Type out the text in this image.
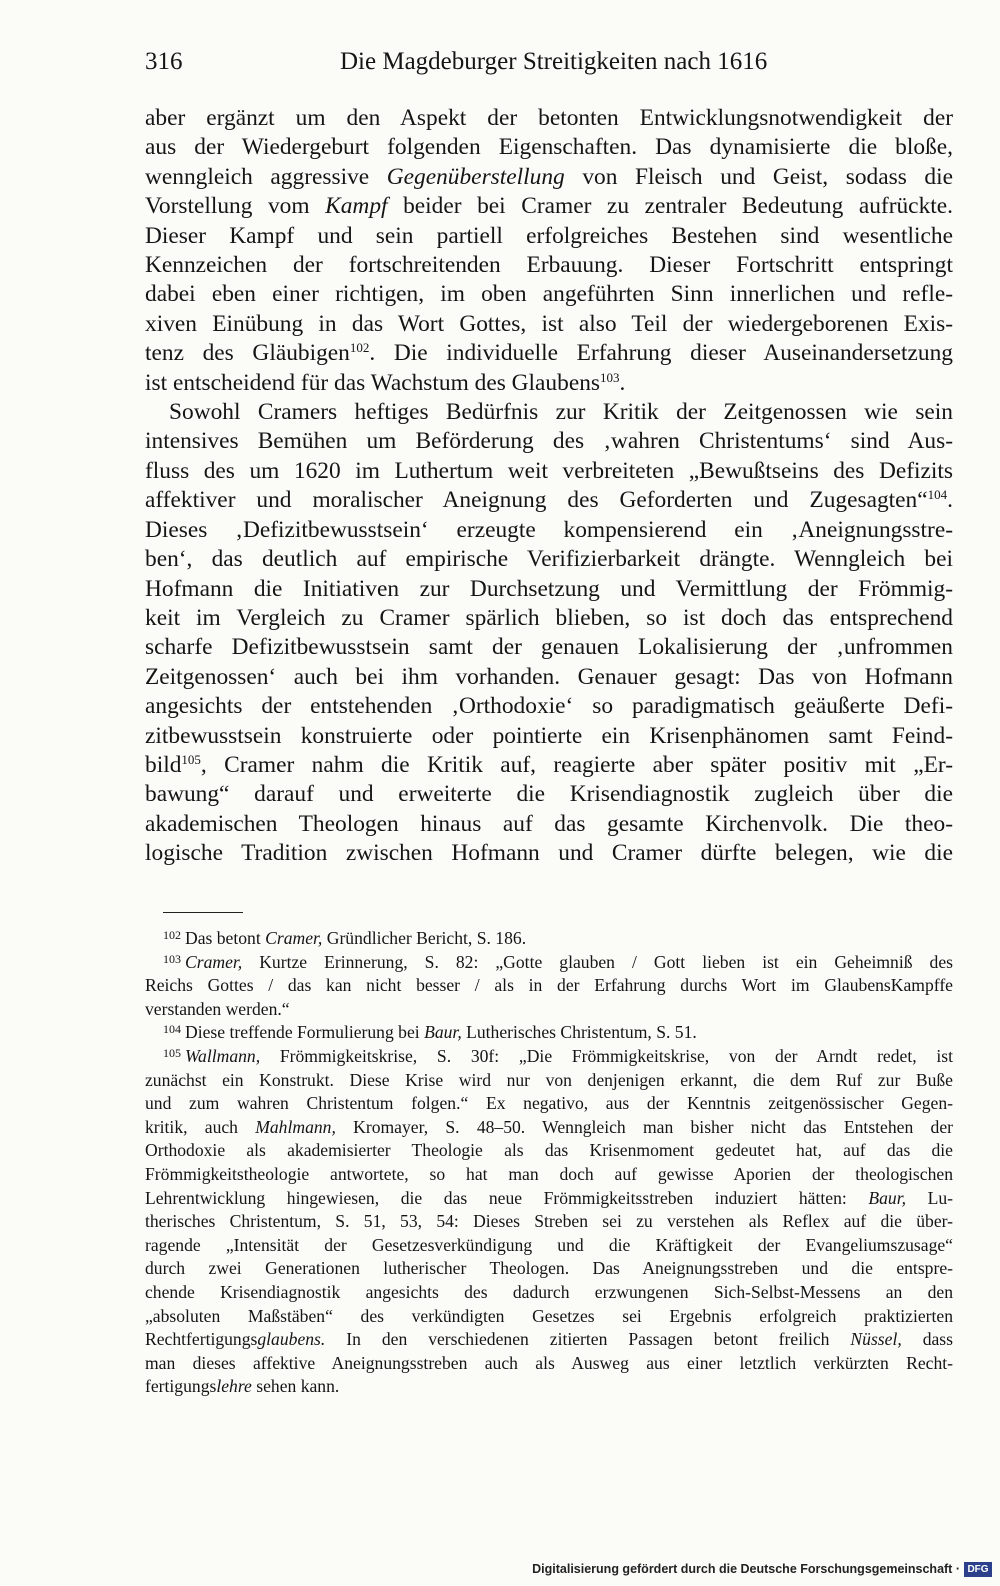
316	Die Magdeburger Streitigkeiten nach 1616
aber ergänzt um den Aspekt der betonten Entwicklungsnotwendigkeit der
aus der Wiedergeburt folgenden Eigenschaften. Das dynamisierte die bloße,
wenngleich aggressive Gegenüberstellung von Fleisch und Geist, sodass die
Vorstellung vom Kampf beider bei Cramer zu zentraler Bedeutung aufrückte.
Dieser Kampf und sein partiell erfolgreiches Bestehen sind wesentliche
Kennzeichen der fortschreitenden Erbauung. Dieser Fortschritt entspringt
dabei eben einer richtigen, im oben angeführten Sinn innerlichen und refle-
xiven Einübung in das Wort Gottes, ist also Teil der wiedergeborenen Exis-
tenz des Gläubigen$^{102}$. Die individuelle Erfahrung dieser Auseinandersetzung
ist entscheidend für das Wachstum des Glaubens$^{103}$.
Sowohl Cramers heftiges Bedürfnis zur Kritik der Zeitgenossen wie sein
intensives Bemühen um Beförderung des ‚wahren Christentums‘ sind Aus-
fluss des um 1620 im Luthertum weit verbreiteten „Bewußtseins des Defizits
affektiver und moralischer Aneignung des Geforderten und Zugesagten“$^{104}$.
Dieses ‚Defizitbewusstsein‘ erzeugte kompensierend ein ‚Aneignungsstre-
ben‘, das deutlich auf empirische Verifizierbarkeit drängte. Wenngleich bei
Hofmann die Initiativen zur Durchsetzung und Vermittlung der Frömmig-
keit im Vergleich zu Cramer spärlich blieben, so ist doch das entsprechend
scharfe Defizitbewusstsein samt der genauen Lokalisierung der ‚unfrommen
Zeitgenossen‘ auch bei ihm vorhanden. Genauer gesagt: Das von Hofmann
angesichts der entstehenden ‚Orthodoxie‘ so paradigmatisch geäußerte Defi-
zitbewusstsein konstruierte oder pointierte ein Krisenphänomen samt Feind-
bild$^{105}$, Cramer nahm die Kritik auf, reagierte aber später positiv mit „Er-
bawung“ darauf und erweiterte die Krisendiagnostik zugleich über die
akademischen Theologen hinaus auf das gesamte Kirchenvolk. Die theo-
logische Tradition zwischen Hofmann und Cramer dürfte belegen, wie die
$^{102}$ Das betont Cramer, Gründlicher Bericht, S. 186.
$^{103}$ Cramer, Kurtze Erinnerung, S. 82: „Gotte glauben / Gott lieben ist ein Geheimniß des
Reichs Gottes / das kan nicht besser / als in der Erfahrung durchs Wort im GlaubensKampffe
verstanden werden.“
$^{104}$ Diese treffende Formulierung bei Baur, Lutherisches Christentum, S. 51.
$^{105}$ Wallmann, Frömmigkeitskrise, S. 30f: „Die Frömmigkeitskrise, von der Arndt redet, ist
zunächst ein Konstrukt. Diese Krise wird nur von denjenigen erkannt, die dem Ruf zur Buße
und zum wahren Christentum folgen.“ Ex negativo, aus der Kenntnis zeitgenössischer Gegen-
kritik, auch Mahlmann, Kromayer, S. 48–50. Wenngleich man bisher nicht das Entstehen der
Orthodoxie als akademisierter Theologie als das Krisenmoment gedeutet hat, auf das die
Frömmigkeitstheologie antwortete, so hat man doch auf gewisse Aporien der theologischen
Lehrentwicklung hingewiesen, die das neue Frömmigkeitsstreben induziert hätten: Baur, Lu-
therisches Christentum, S. 51, 53, 54: Dieses Streben sei zu verstehen als Reflex auf die über-
ragende „Intensität der Gesetzesverkündigung und die Kräftigkeit der Evangeliumszusage“
durch zwei Generationen lutherischer Theologen. Das Aneignungsstreben und die entspre-
chende Krisendiagnostik angesichts des dadurch erzwungenen Sich-Selbst-Messens an den
„absoluten Maßstäben“ des verkündigten Gesetzes sei Ergebnis erfolgreich praktizierten
Rechtfertigungsglaubens. In den verschiedenen zitierten Passagen betont freilich Nüssel, dass
man dieses affektive Aneignungsstreben auch als Ausweg aus einer letztlich verkürzten Recht-
fertigungslehre sehen kann.
Digitalisierung gefördert durch die Deutsche Forschungsgemeinschaft · DFG
